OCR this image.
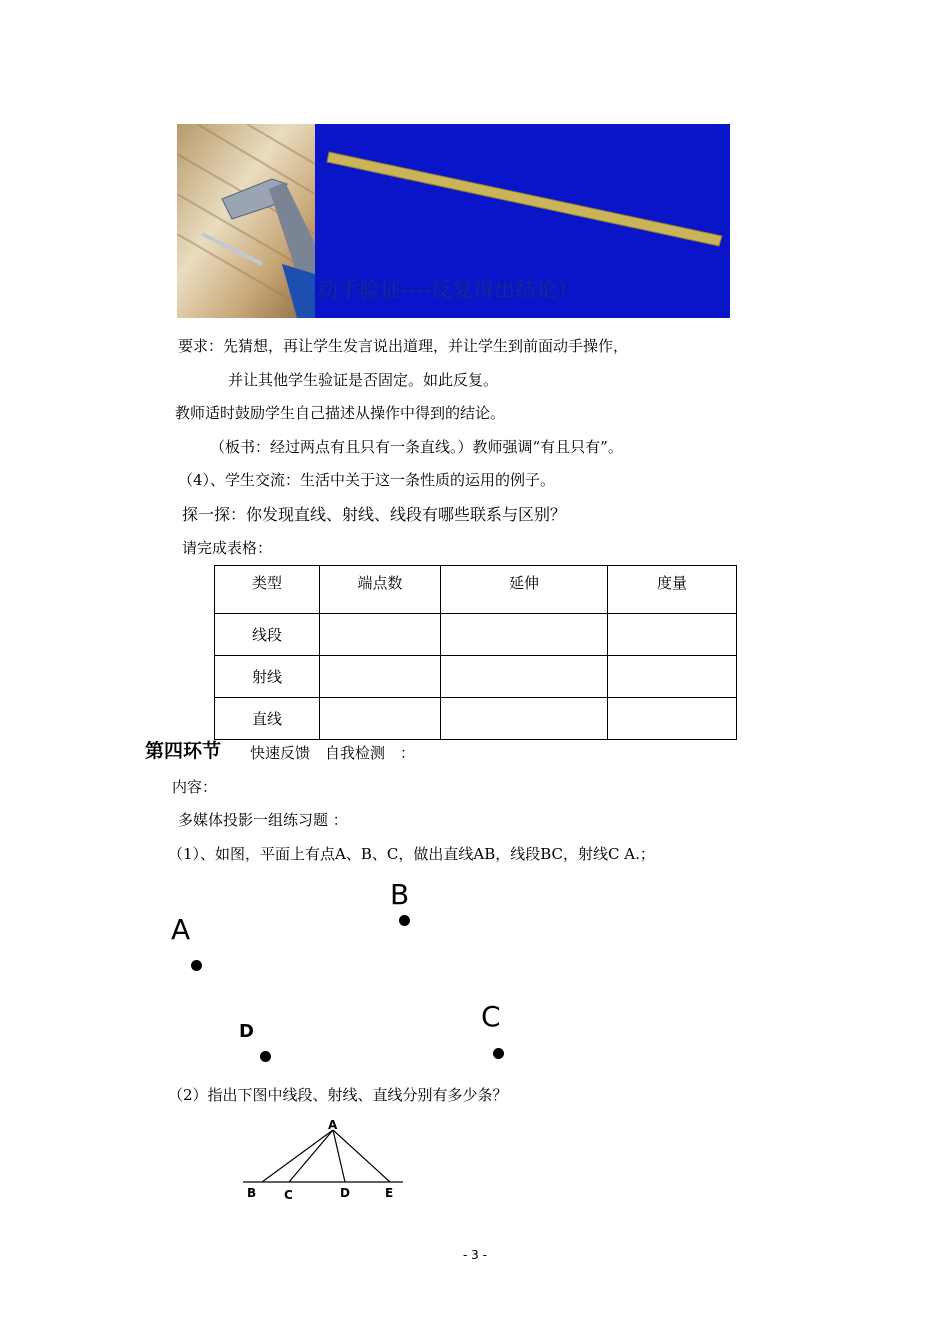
动手验证----反复得出结论）
要求：先猜想，再让学生发言说出道理，并让学生到前面动手操作，
并让其他学生验证是否固定。如此反复。
教师适时鼓励学生自己描述从操作中得到的结论。
（板书：经过两点有且只有一条直线。）教师强调“有且只有”。
（4）、学生交流：生活中关于这一条性质的运用的例子。
探一探：你发现直线、射线、线段有哪些联系与区别？
请完成表格：
类型	端点数	延伸	度量
线段			
射线			
直线			
第四环节 快速反馈　自我检测　：
内容：
多媒体投影一组练习题 ：
（1）、如图，平面上有点A、B、C，做出直线AB，线段BC，射线C A.；
A
B
C
D
（2）指出下图中线段、射线、直线分别有多少条？
A
B C	D	E
- 3 -
